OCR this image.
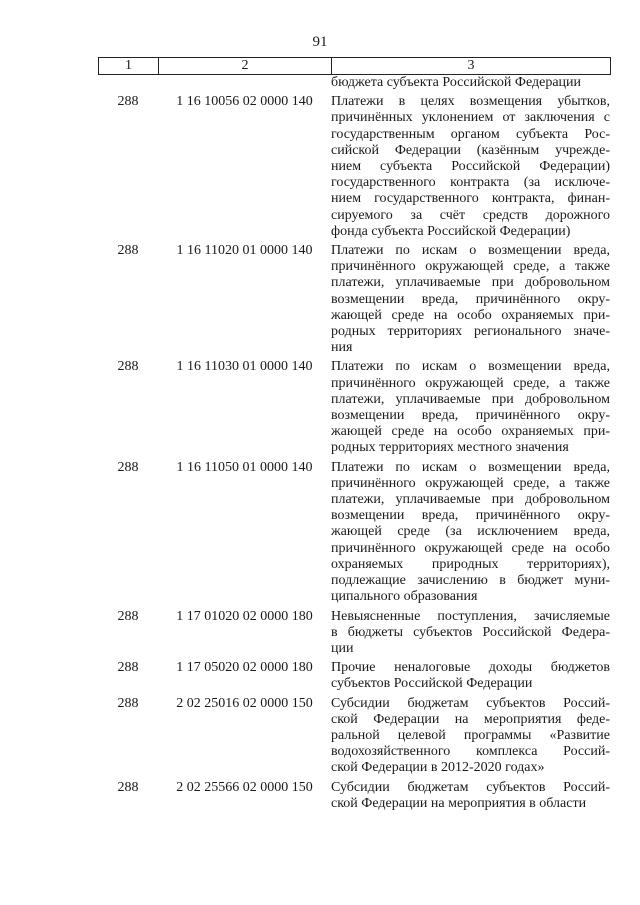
91
1	2	3
бюджета субъекта Российской Федерации
288	1 16 10056 02 0000 140	Платежи в целях возмещения убытков,
причинённых уклонением от заключения с
государственным органом субъекта Рос-
сийской Федерации (казённым учрежде-
нием субъекта Российской Федерации)
государственного контракта (за исключе-
нием государственного контракта, финан-
сируемого за счёт средств дорожного
фонда субъекта Российской Федерации)
288	1 16 11020 01 0000 140	Платежи по искам о возмещении вреда,
причинённого окружающей среде, а также
платежи, уплачиваемые при добровольном
возмещении вреда, причинённого окру-
жающей среде на особо охраняемых при-
родных территориях регионального значе-
ния
288	1 16 11030 01 0000 140	Платежи по искам о возмещении вреда,
причинённого окружающей среде, а также
платежи, уплачиваемые при добровольном
возмещении вреда, причинённого окру-
жающей среде на особо охраняемых при-
родных территориях местного значения
288	1 16 11050 01 0000 140	Платежи по искам о возмещении вреда,
причинённого окружающей среде, а также
платежи, уплачиваемые при добровольном
возмещении вреда, причинённого окру-
жающей среде (за исключением вреда,
причинённого окружающей среде на особо
охраняемых природных территориях),
подлежащие зачислению в бюджет муни-
ципального образования
288	1 17 01020 02 0000 180	Невыясненные поступления, зачисляемые
в бюджеты субъектов Российской Федера-
ции
288	1 17 05020 02 0000 180	Прочие неналоговые доходы бюджетов
субъектов Российской Федерации
288	2 02 25016 02 0000 150	Субсидии бюджетам субъектов Россий-
ской Федерации на мероприятия феде-
ральной целевой программы «Развитие
водохозяйственного комплекса Россий-
ской Федерации в 2012-2020 годах»
288	2 02 25566 02 0000 150	Субсидии бюджетам субъектов Россий-
ской Федерации на мероприятия в области
